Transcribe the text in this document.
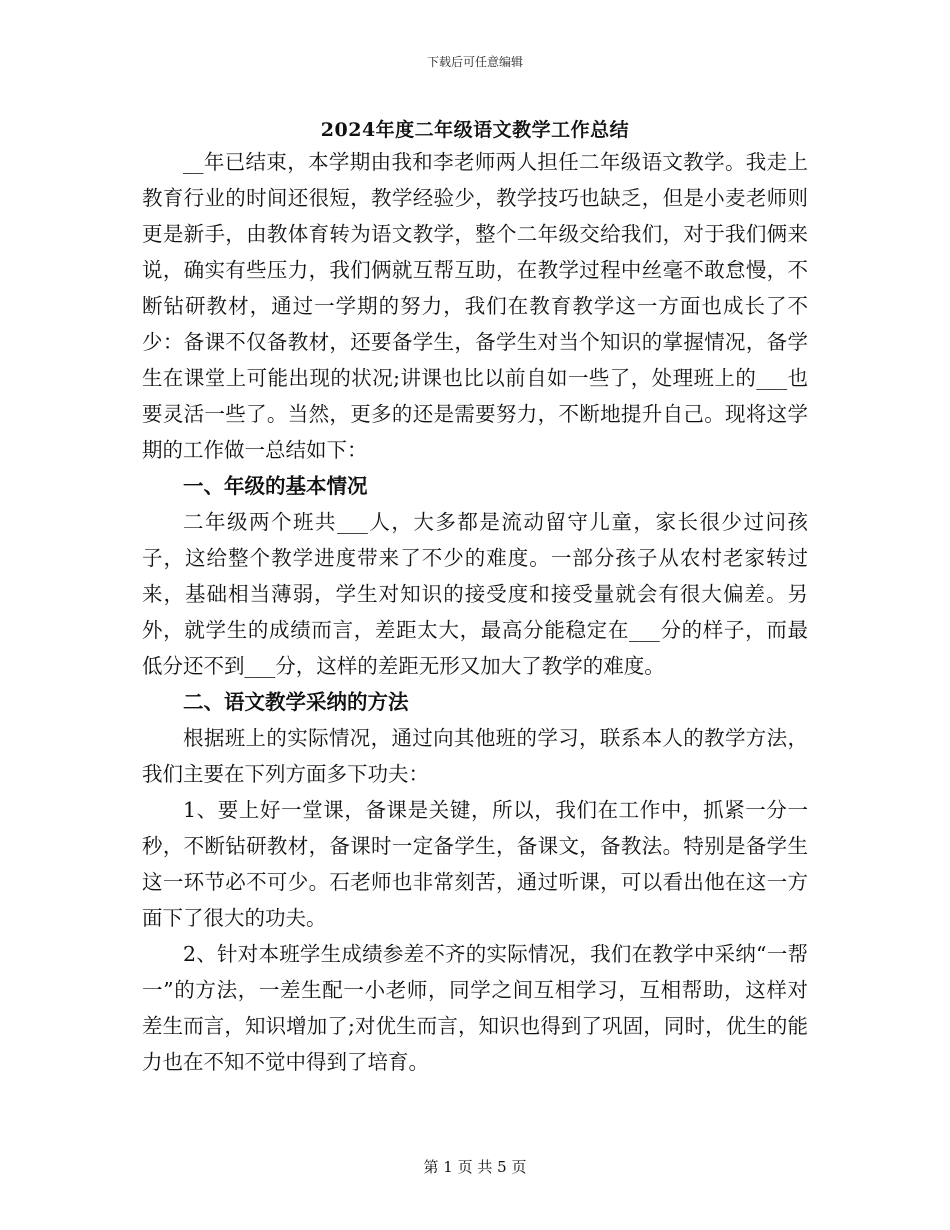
下载后可任意编辑
2024年度二年级语文教学工作总结

__年已结束，本学期由我和李老师两人担任二年级语文教学。我走上教育行业的时间还很短，教学经验少，教学技巧也缺乏，但是小麦老师则更是新手，由教体育转为语文教学，整个二年级交给我们，对于我们俩来说，确实有些压力，我们俩就互帮互助，在教学过程中丝毫不敢怠慢，不断钻研教材，通过一学期的努力，我们在教育教学这一方面也成长了不少：备课不仅备教材，还要备学生，备学生对当个知识的掌握情况，备学生在课堂上可能出现的状况;讲课也比以前自如一些了，处理班上的___也要灵活一些了。当然，更多的还是需要努力，不断地提升自己。现将这学期的工作做一总结如下：

一、年级的基本情况

二年级两个班共___人，大多都是流动留守儿童，家长很少过问孩子，这给整个教学进度带来了不少的难度。一部分孩子从农村老家转过来，基础相当薄弱，学生对知识的接受度和接受量就会有很大偏差。另外，就学生的成绩而言，差距太大，最高分能稳定在___分的样子，而最低分还不到___分，这样的差距无形又加大了教学的难度。

二、语文教学采纳的方法

根据班上的实际情况，通过向其他班的学习，联系本人的教学方法，我们主要在下列方面多下功夫：

1、要上好一堂课，备课是关键，所以，我们在工作中，抓紧一分一秒，不断钻研教材，备课时一定备学生，备课文，备教法。特别是备学生这一环节必不可少。石老师也非常刻苦，通过听课，可以看出他在这一方面下了很大的功夫。

2、针对本班学生成绩参差不齐的实际情况，我们在教学中采纳“一帮一”的方法，一差生配一小老师，同学之间互相学习，互相帮助，这样对差生而言，知识增加了;对优生而言，知识也得到了巩固，同时，优生的能力也在不知不觉中得到了培育。

第 1 页 共 5 页
